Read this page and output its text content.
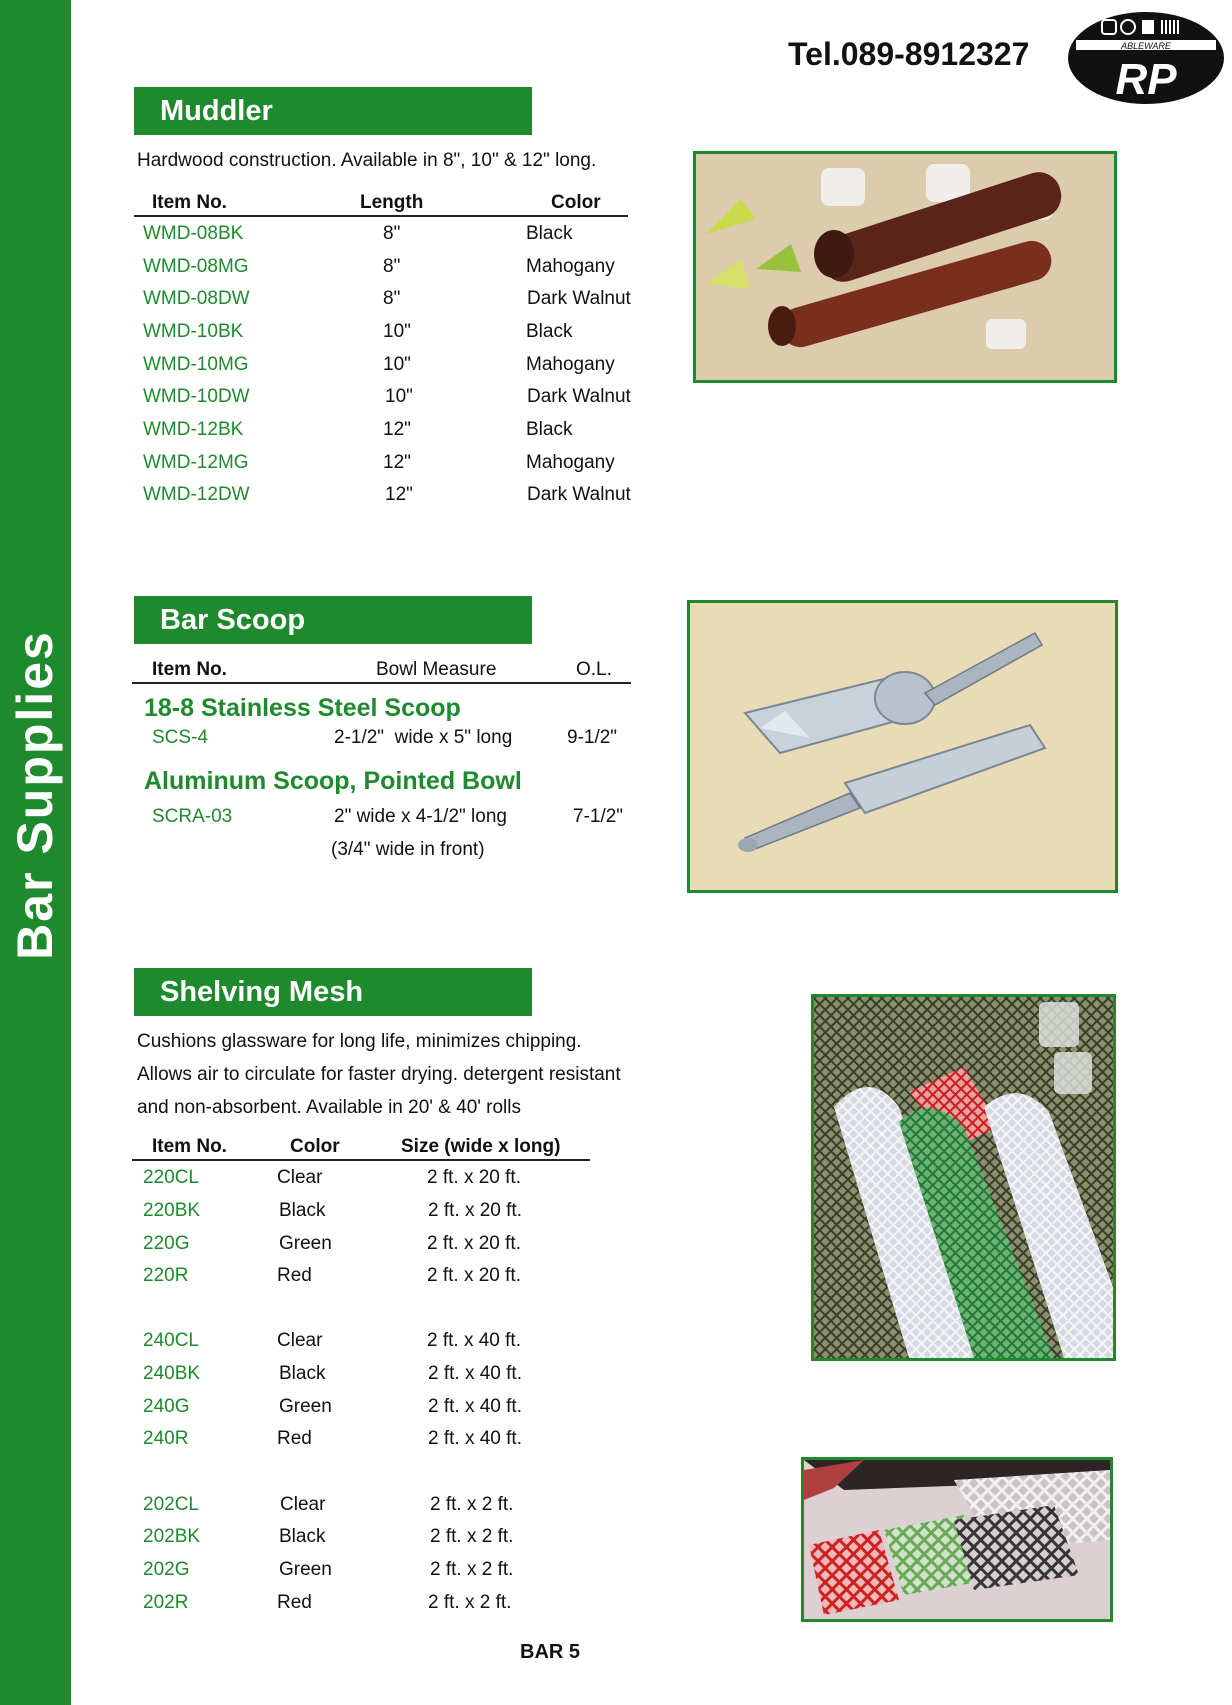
Bar Supplies
Tel.089-8912327	ABLEWARE
RP
Muddler
Hardwood construction. Available in 8", 10" & 12" long.
Item No.	Length	Color
WMD-08BK	8"	Black
WMD-08MG	8"	Mahogany
WMD-08DW	8"	Dark Walnut
WMD-10BK	10"	Black
WMD-10MG	10"	Mahogany
WMD-10DW	10"	Dark Walnut
WMD-12BK	12"	Black
WMD-12MG	12"	Mahogany
WMD-12DW	12"	Dark Walnut
Bar Scoop
Item No.	Bowl Measure	O.L.
18-8 Stainless Steel Scoop
SCS-4	2-1/2"  wide x 5" long	9-1/2"
Aluminum Scoop, Pointed Bowl
SCRA-03	2" wide x 4-1/2" long	7-1/2"
(3/4" wide in front)
Shelving Mesh
Cushions glassware for long life, minimizes chipping.
Allows air to circulate for faster drying. detergent resistant
and non-absorbent. Available in 20' & 40' rolls
Item No.	Color	Size (wide x long)
220CL	Clear	2 ft. x 20 ft.
220BK	Black	2 ft. x 20 ft.
220G	Green	2 ft. x 20 ft.
220R	Red	2 ft. x 20 ft.
240CL	Clear	2 ft. x 40 ft.
240BK	Black	2 ft. x 40 ft.
240G	Green	2 ft. x 40 ft.
240R	Red	2 ft. x 40 ft.
202CL	Clear	2 ft. x 2 ft.
202BK	Black	2 ft. x 2 ft.
202G	Green	2 ft. x 2 ft.
202R	Red	2 ft. x 2 ft.
BAR 5
